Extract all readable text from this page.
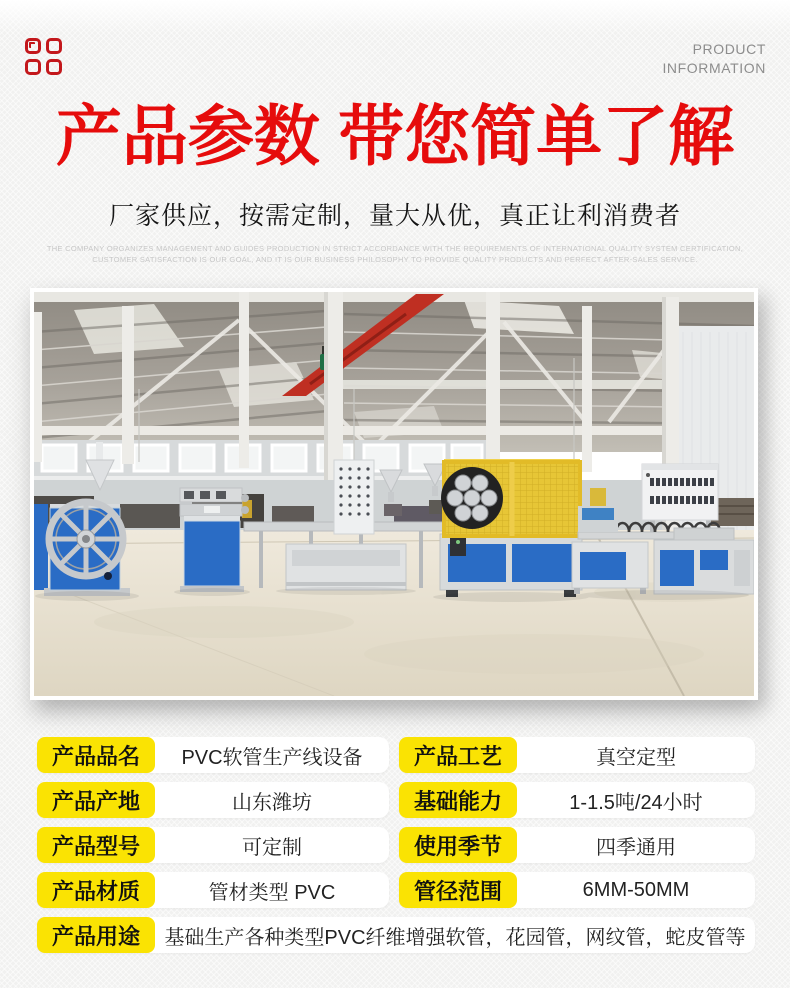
PRODUCT
INFORMATION
产品参数 带您简单了解
厂家供应，按需定制，量大从优，真正让利消费者
THE COMPANY ORGANIZES MANAGEMENT AND GUIDES PRODUCTION IN STRICT ACCORDANCE WITH THE REQUIREMENTS OF INTERNATIONAL QUALITY SYSTEM CERTIFICATION,
CUSTOMER SATISFACTION IS OUR GOAL, AND IT IS OUR BUSINESS PHILOSOPHY TO PROVIDE QUALITY PRODUCTS AND PERFECT AFTER-SALES SERVICE.
产品品名	PVC软管生产线设备	产品工艺	真空定型
产品产地	山东潍坊	基础能力	1-1.5吨/24小时
产品型号	可定制	使用季节	四季通用
产品材质	管材类型 PVC	管径范围	6MM-50MM
产品用途	基础生产各种类型PVC纤维增强软管，花园管，网纹管，蛇皮管等
